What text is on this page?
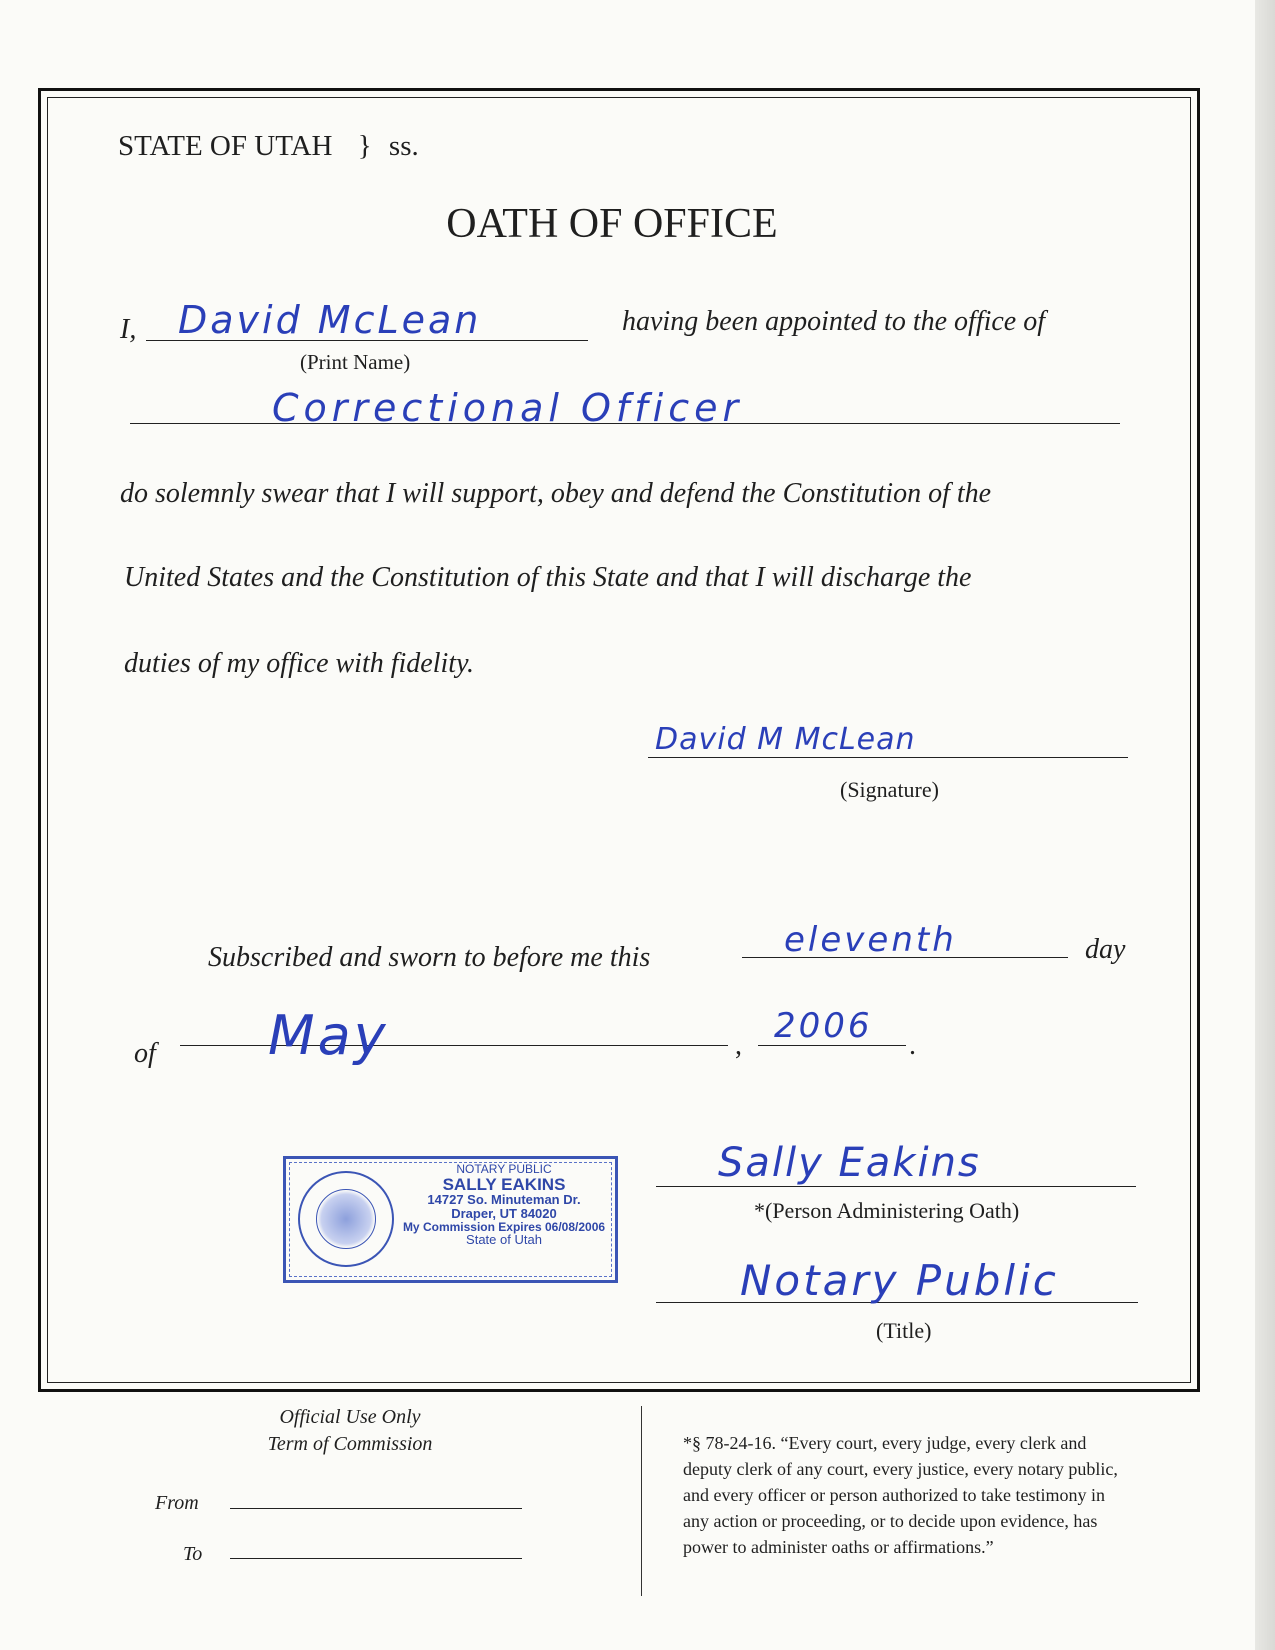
STATE OF UTAH } ss.
OATH OF OFFICE
I, David McLean
(Print Name)
having been appointed to the office of
Correctional Officer
do solemnly swear that I will support, obey and defend the Constitution of the
United States and the Constitution of this State and that I will discharge the
duties of my office with fidelity.
David M McLean
(Signature)
Subscribed and sworn to before me this	eleventh	day
of May	, 2006 .
NOTARY PUBLIC
SALLY EAKINS
14727 So. Minuteman Dr.
Draper, UT 84020
My Commission Expires 06/08/2006
State of Utah
Sally Eakins
*(Person Administering Oath)
Notary Public
(Title)
Official Use Only
Term of Commission
From
To
*§ 78-24-16. “Every court, every judge, every clerk and
deputy clerk of any court, every justice, every notary public,
and every officer or person authorized to take testimony in
any action or proceeding, or to decide upon evidence, has
power to administer oaths or affirmations.”
